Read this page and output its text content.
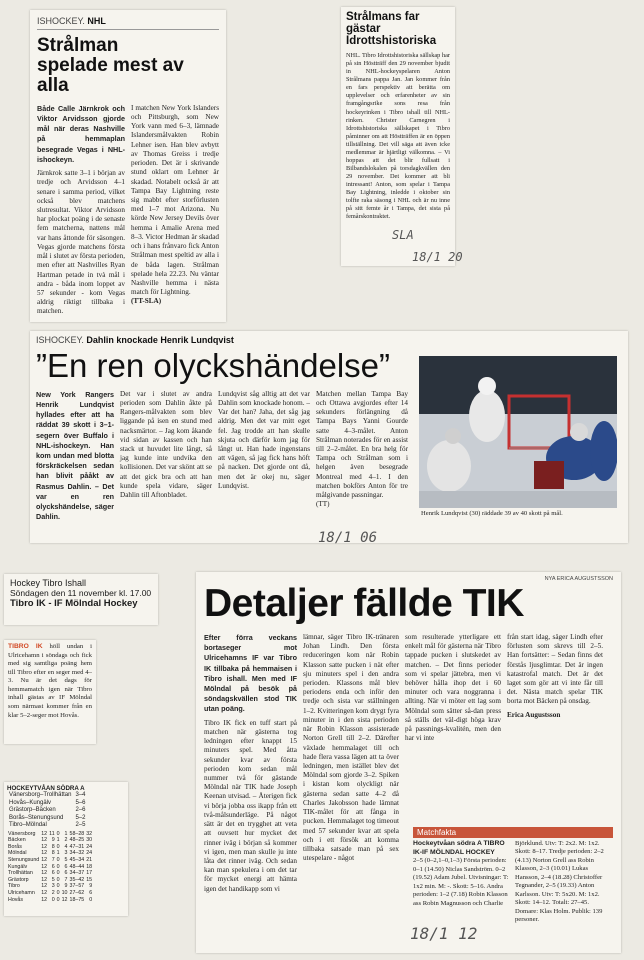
ISHOCKEY. NHL
Strålman spelade mest av alla

Både Calle Järnkrok och Viktor Arvidsson gjorde mål när deras Nashville på hemmaplan besegrade Vegas i NHL-ishockeyn.

Järnkrok satte 3–1 i början av tredje och Arvidsson 4–1 senare i samma period, vilket också blev matchens slutresultat. Viktor Arvidsson har plockat poäng i de senaste fem matcherna, nattens mål var hans åttonde för säsongen. Vegas gjorde matchens första mål i slutet av första perioden, men efter att Nashvilles Ryan Hartman petade in tvà mål i andra - båda inom loppet av 57 sekunder - kom Vegas aldrig riktigt tillbaka i matchen.

I matchen New York Islanders och Pittsburgh, som New York vann med 6–3, lämnade Islandersmålvakten Robin Lehner isen. Han blev avbytt av Thomas Greiss i tredje perioden. Det är i skrivande stund oklart om Lehner är skadad. Notabelt också är att Tampa Bay Lightning reste sig mabbt efter storförlusten med 1–7 mot Arizona. Nu körde New Jersey Devils över hemma i Amalie Arena med 8–3. Victor Hedman är skadad och i hans frånvaro fick Anton Strålman mest speltid av alla i de båda lagen. Strålman spelade hela 22.23. Nu väntar Nashville hemma i nästa match för Lightning.

(TT-SLA)

Strålmans far gästar Idrottshistoriska

NHL. Tibro Idrottshistoriska sällskap har på sin Höstträff den 29 november bjudit in NHL-hockeyspelaren Anton Strålmans pappa Jan. Jan kommer från en fars perspektiv att berätta om upplevelser och erfarenheter av sin framgångsrike sons resa från hockeyrinken i Tibro ishall till NHL-rinken. Christer Carnegren i Idrottshistoriska sällskapet i Tibro påminner om att Höstträffen är en öppen tillställning. Det vill säga att även icke medlemmar är hjärtligt välkomna. – Vi hoppas att det blir fullsatt i Bilbandslokalen på torsdagkvällen den 29 november. Det kommer att bli intressant! Anton, som spelar i Tampa Bay Lightning, inledde i oktober sin tolfte raka säsong i NHL och är nu inne på sitt femte år i Tampa, det sista på femårskontraktet.

SLA
18/1 20
ISHOCKEY. Dahlin knockade Henrik Lundqvist
”En ren olyckshändelse”

New York Rangers Henrik Lundqvist hyllades efter att ha räddat 39 skott i 3–1-segern över Buffalo i NHL-ishockeyn. Han kom undan med blotta förskräckelsen sedan han blivit pååkt av Rasmus Dahlin. – Det var en ren olyckshändelse, säger Dahlin.

Det var i slutet av andra perioden som Dahlin åkte på Rangers-målvakten som blev liggande på isen en stund med nacksmärtor. – Jag kom åkande vid sidan av kassen och han stack ut huvudet lite långt, så jag kunde inte undvika den kollisionen. Det var skönt att se att det gick bra och att han kunde spela vidare, säger Dahlin till Aftonbladet.

Lundqvist såg alltig att det var Dahlin som knockade honom. – Var det han? Jaha, det såg jag aldrig. Men det var mitt eget fel. Jag trodde att han skulle skjuta och därför kom jag för långt ut. Han hade ingenstans att vägen, så jag fick hans höft på nacken. Det gjorde ont då, men det är okej nu, säger Lundqvist.

Matchen mellan Tampa Bay och Ottawa avgjordes efter 14 sekunders förlängning då Tampa Bays Yanni Gourde satte 4–3-målet. Anton Strålman noterades för en assist till 2–2-målet. En bra helg för Tampa och Strålman som i helgen även besegrade Montreal med 4–1. I den matchen bokförs Anton för tre målgivande passningar.

(TT)

Henrik Lundqvist (30) räddade 39 av 40 skott på mål.
18/1 06
Hockey Tibro Ishall
Söndagen den 11 november kl. 17.00
Tibro IK - IF Mölndal Hockey

TIBRO IK höll undan i Ulricehamn i söndags och fick med sig samtliga poäng hem till Tibro efter en seger med 4–3. Nu är det dags för hemmamatch igen när Tibro inhall gästas av IF Mölndal som närmast kommer från en klar 5–2-seger mot Hovås.

HOCKEYTVÅAN SÖDRA A
Vänersborg–Trollhättan	3–4
Hovås–Kungälv	5–6
Grästorp–Bäcken	2–6
Borås–Stenungsund	5–2
Tibro–Mölndal	2–5
Vänersborg	12	11	0	1	58–28	32
Bäcken	12	9	1	2	48–25	30
Borås	12	8	0	4	47–31	24
Mölndal	12	8	1	3	34–32	24
Stenungsund	12	7	0	5	45–34	21
Kungälv	12	6	0	6	48–44	18
Trollhättan	12	6	0	6	34–37	17
Grästorp	12	5	0	7	35–42	15
Tibro	12	3	0	9	37–57	9
Ulricehamn	12	2	0	10	27–62	6
Hovås	12	0	0	12	18–75	0
NYA ERICA AUGUSTSSON
Detaljer fällde TIK

Efter förra veckans bortaseger mot Ulricehamns IF var Tibro IK tillbaka på hemmaisen i Tibro ishall. Men med IF Mölndal på besök på söndagskvällen stod TIK utan poäng.

Tibro IK fick en tuff start på matchen när gästerna tog ledningen efter knappt 15 minuters spel. Med åtta sekunder kvar av första perioden kom sedan mål nummer två för gästande Mölndal när TIK hade Joseph Keenan utvisad. – Återigen fick vi börja jobba oss ikapp från ett två-målsunderläge. På något sätt är det en trygghet att veta att ouvsett hur mycket det rinner iväg i början så kommer vi igen, men man skulle ju inte låta det rinner iväg. Och sedan kan man spekulera i om det tar för mycket energi att hämta igen det handikapp som vi

lämnar, säger Tibro IK-tränaren Johan Lindh. Den första reduceringen kom när Robin Klasson satte pucken i nät efter sju minuters spel i den andra perioden. Klassons mål blev periodens enda och inför den tredje och sista var ställningen 1–2. Kvitteringen kom drygt fyra minuter in i den sista perioden när Robin Klasson assisterade Norton Grell till 2–2. Därefter växlade hemmalaget till och hade flera vassa lägen att ta över ledningen, men istället blev det Mölndal som gjorde 3–2. Spiken i kistan kom olyckligt när gästerna sedan satte 4–2 då Charles Jakobsson hade lämnat TIK-målet för att fånga in pucken. Hemmalaget tog timeout med 57 sekunder kvar att spela och i ett försök att komma tillbaka satsade man på sex utespelare - något

som resulterade ytterligare ett enkelt mål för gästerna när Tibro tappade pucken i slutskedet av matchen. – Det finns perioder som vi spelar jättebra, men vi behöver hålla ihop det i 60 minuter och vara noggranna i allting. När vi möter ett lag som Mölndal som sätter så-dan press så ställs det väl-digt höga krav på passnings-kvalitén, men den har vi inte

från start idag, säger Lindh efter förlusten som skrevs till 2–5. Han fortsätter: – Sedan finns det förstås ljusglimtar. Det är ingen katastrofal match. Det är det laget som gör att vi inte får till det. Nästa match spelar TIK borta mot Bäcken på onsdag.

Erica Augustsson

Matchfakta

Hockeytvåan södra A TIBRO IK-IF MÖLNDAL HOCKEY

2–5 (0–2,1–0,1–3) Första perioden: 0–1 (14.50) Niclas Sandström. 0–2 (19.52) Adam Jubel. Utvisningar: T: 1x2 min. M: -. Skott: 5–16. Andra perioden: 1–2 (7.18) Robin Klasson ass Robin Magnusson och Charlie

Björklund. Utv: T: 2x2. M: 1x2. Skott: 8–17. Tredje perioden: 2–2 (4.13) Norton Grell ass Robin Klasson, 2–3 (10.01) Lukas Hansson, 2–4 (18.28) Christoffer Tegnander, 2–5 (19.33) Anton Karlsson. Utv: T: 5x20. M: 1x2. Skott: 14–12. Totalt: 27–45. Domare: Klas Holm. Publik: 139 personer.

18/1 12
